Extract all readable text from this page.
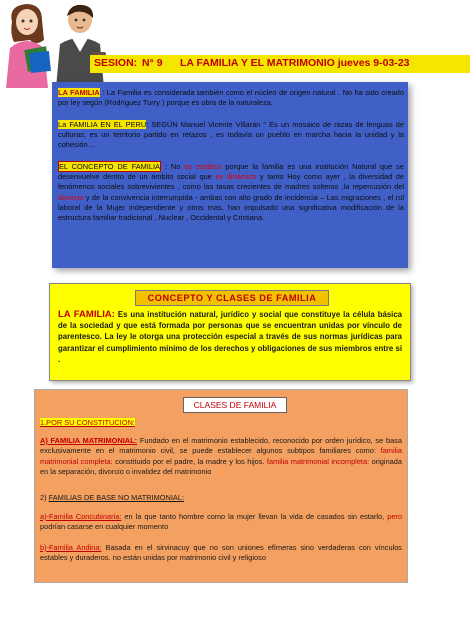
SESION: N° 9 LA FAMILIA Y EL MATRIMONIO jueves 9-03-23

LA FAMILIA : La Familia es considerada también como el núcleo de origen natural . No ha sido creado por ley según (Rodríguez Turry ) porque es obra de la naturaleza.

La FAMILIA EN EL PERU: SEGÚN Manuel Vicente Villarán " Es un mosaico de razas de lenguas de culturas; es un territorio partido en retazos , es todavía un pueblo en marcha hacia la unidad y la cohesión ...

EL CONCEPTO DE FAMILIA : No es estático porque la familia es una institución Natural que se desenvuelve dentro de un ámbito social que es dinámico y tanto Hoy como ayer , la diversidad de fenómenos sociales sobrevivientes , como las tasas crecientes de madres solteras ,la repercusión del divorcio y de la convivencia interrumpida - ambas con alto grado de incidencia – Las migraciones , el rol laboral de la Mujer independiente y otros mas, han impulsado una significativa modificación de la estructura familiar tradicional , Nuclear , Occidental y Cristiana.

CONCEPTO Y CLASES DE FAMILIA

LA FAMILIA: Es una institución natural, jurídico y social que constituye la célula básica de la sociedad y que está formada por personas que se encuentran unidas por vínculo de parentesco. La ley le otorga una protección especial a través de sus normas jurídicas para garantizar el cumplimiento mínimo de los derechos y obligaciones de sus miembros entre si .

CLASES DE FAMILIA

1.POR SU CONSTITUCION:

A) FAMILIA MATRIMONIAL: Fundado en el matrimonio establecido, reconocido por orden jurídico, se basa exclusivamente en el matrimonio civil, se puede establecer algunos subtipos familiares como: familia matrimonial completa: constituido por el padre, la madre y los hijos. familia matrimonial incompleta: originada en la separación, divorcio o invalidez del matrimonio

2) FAMILIAS DE BASE NO MATRIMONIAL:

a)-Familia Concubinaria: en la que tanto hombre como la mujer llevan la vida de casados sin estarlo, pero podrían casarse en cualquier momento

b)-Familia Andina: Basada en el sirvinacuy que no son uniones efímeras sino verdaderas con vínculos estables y duraderos. no están unidas por matrimonio civil y religioso
